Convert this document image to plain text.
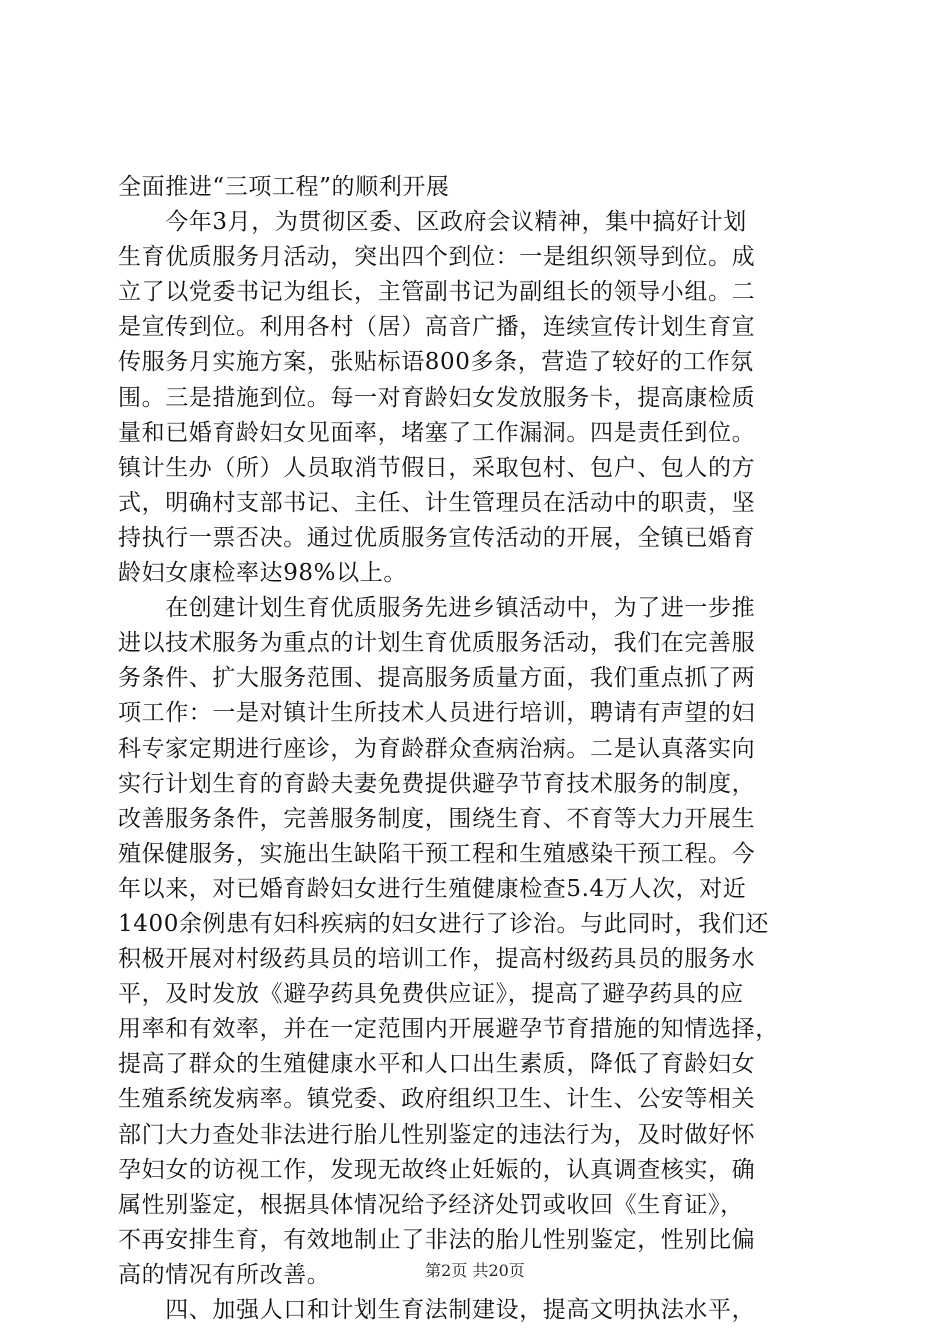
全面推进“三项工程”的顺利开展
　　今年3月，为贯彻区委、区政府会议精神，集中搞好计划
生育优质服务月活动，突出四个到位：一是组织领导到位。成
立了以党委书记为组长，主管副书记为副组长的领导小组。二
是宣传到位。利用各村（居）高音广播，连续宣传计划生育宣
传服务月实施方案，张贴标语800多条，营造了较好的工作氛
围。三是措施到位。每一对育龄妇女发放服务卡，提高康检质
量和已婚育龄妇女见面率，堵塞了工作漏洞。四是责任到位。
镇计生办（所）人员取消节假日，采取包村、包户、包人的方
式，明确村支部书记、主任、计生管理员在活动中的职责，坚
持执行一票否决。通过优质服务宣传活动的开展，全镇已婚育
龄妇女康检率达98%以上。
　　在创建计划生育优质服务先进乡镇活动中，为了进一步推
进以技术服务为重点的计划生育优质服务活动，我们在完善服
务条件、扩大服务范围、提高服务质量方面，我们重点抓了两
项工作：一是对镇计生所技术人员进行培训，聘请有声望的妇
科专家定期进行座诊，为育龄群众查病治病。二是认真落实向
实行计划生育的育龄夫妻免费提供避孕节育技术服务的制度，
改善服务条件，完善服务制度，围绕生育、不育等大力开展生
殖保健服务，实施出生缺陷干预工程和生殖感染干预工程。今
年以来，对已婚育龄妇女进行生殖健康检查5.4万人次，对近
1400余例患有妇科疾病的妇女进行了诊治。与此同时，我们还
积极开展对村级药具员的培训工作，提高村级药具员的服务水
平，及时发放《避孕药具免费供应证》，提高了避孕药具的应
用率和有效率，并在一定范围内开展避孕节育措施的知情选择，
提高了群众的生殖健康水平和人口出生素质，降低了育龄妇女
生殖系统发病率。镇党委、政府组织卫生、计生、公安等相关
部门大力查处非法进行胎儿性别鉴定的违法行为，及时做好怀
孕妇女的访视工作，发现无故终止妊娠的，认真调查核实，确
属性别鉴定，根据具体情况给予经济处罚或收回《生育证》，
不再安排生育，有效地制止了非法的胎儿性别鉴定，性别比偏
高的情况有所改善。
　　四、加强人口和计划生育法制建设，提高文明执法水平，
第2页 共20页
